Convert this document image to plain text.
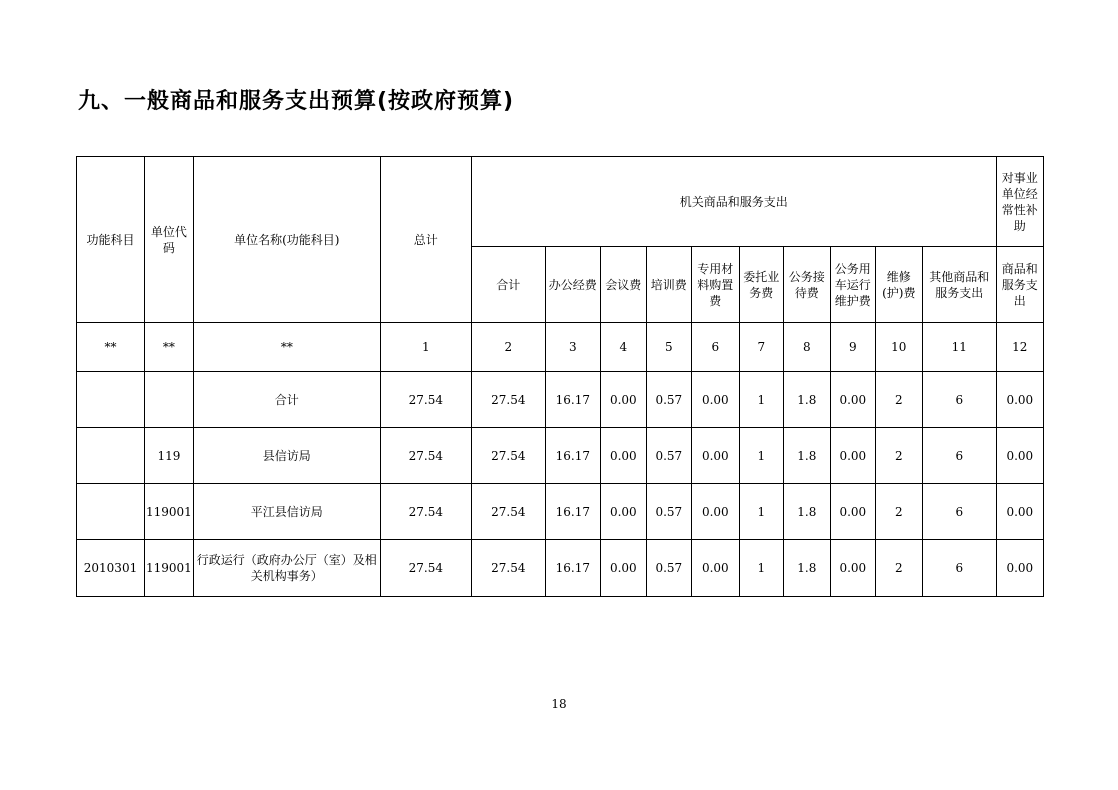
九、一般商品和服务支出预算(按政府预算)
功能科目	单位代码	单位名称(功能科目)	总计	机关商品和服务支出										对事业单位经常性补助
				合计	办公经费	会议费	培训费	专用材料购置费	委托业务费	公务接待费	公务用车运行维护费	维修(护)费	其他商品和服务支出	商品和服务支出
**	**	**	1	2	3	4	5	6	7	8	9	10	11	12
		合计	27.54	27.54	16.17	0.00	0.57	0.00	1	1.8	0.00	2	6	0.00
	119	县信访局	27.54	27.54	16.17	0.00	0.57	0.00	1	1.8	0.00	2	6	0.00
	119001	平江县信访局	27.54	27.54	16.17	0.00	0.57	0.00	1	1.8	0.00	2	6	0.00
2010301	119001	行政运行（政府办公厅（室）及相关机构事务）	27.54	27.54	16.17	0.00	0.57	0.00	1	1.8	0.00	2	6	0.00
18
